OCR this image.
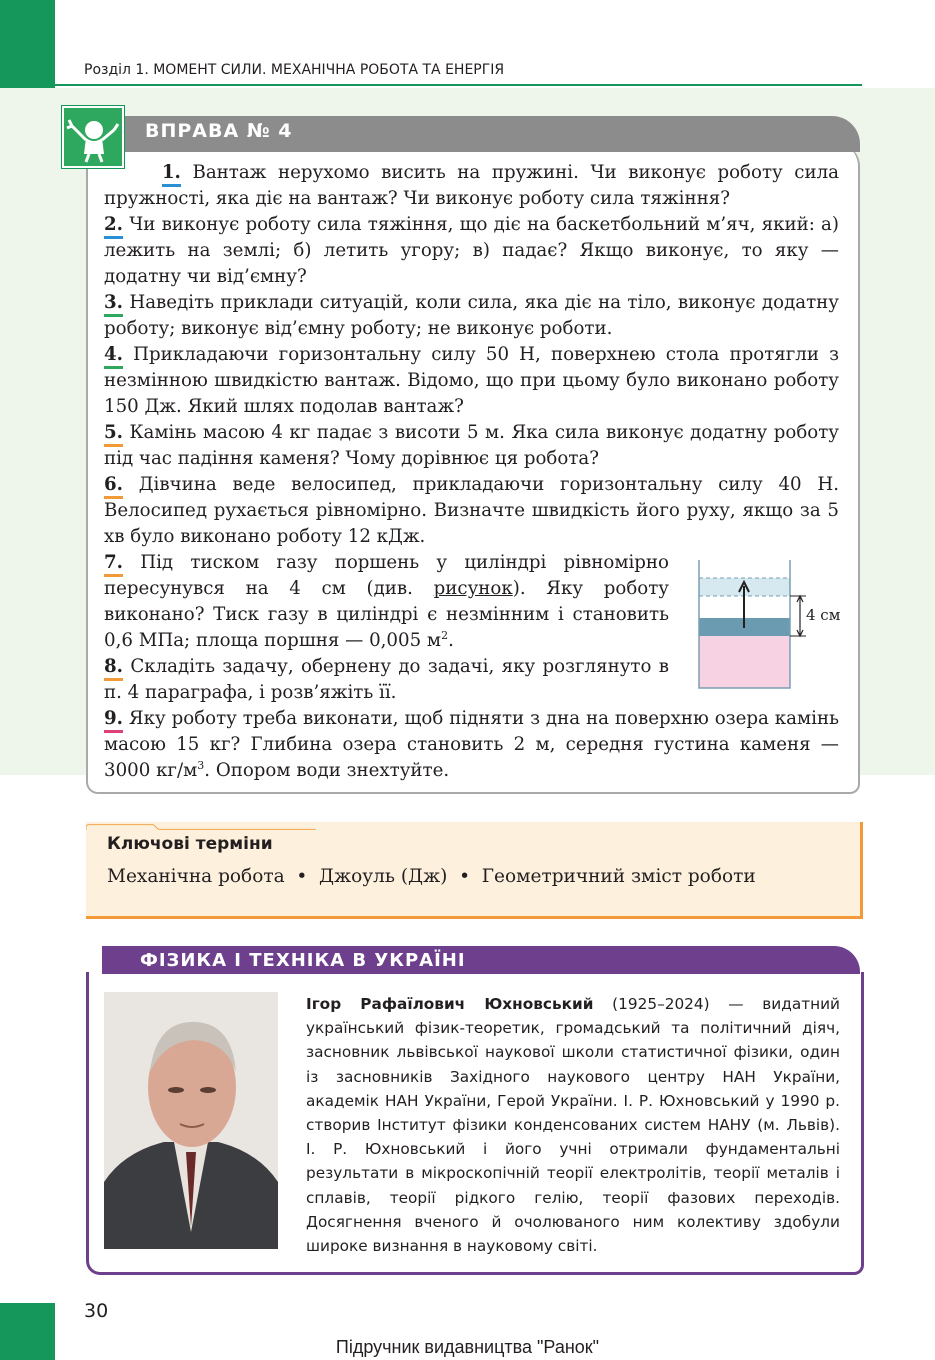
Розділ 1. МОМЕНТ СИЛИ. МЕХАНІЧНА РОБОТА ТА ЕНЕРГІЯ
ВПРАВА № 4

1. Вантаж нерухомо висить на пружині. Чи виконує роботу сила пружності, яка діє на вантаж? Чи виконує роботу сила тяжіння?

2. Чи виконує роботу сила тяжіння, що діє на баскетбольний м’яч, який: а) лежить на землі; б) летить угору; в) падає? Якщо виконує, то яку — додатну чи від’ємну?

3. Наведіть приклади ситуацій, коли сила, яка діє на тіло, виконує додатну роботу; виконує від’ємну роботу; не виконує роботи.

4. Прикладаючи горизонтальну силу 50 Н, поверхнею стола протягли з незмінною швидкістю вантаж. Відомо, що при цьому було виконано роботу 150 Дж. Який шлях подолав вантаж?

5. Камінь масою 4 кг падає з висоти 5 м. Яка сила виконує додатну роботу під час падіння каменя? Чому дорівнює ця робота?

6. Дівчина веде велосипед, прикладаючи горизонтальну силу 40 Н. Велосипед рухається рівномірно. Визначте швидкість його руху, якщо за 5 хв було виконано роботу 12 кДж.

7. Під тиском газу поршень у циліндрі рівномірно пересунувся на 4 см (див. рисунок). Яку роботу виконано? Тиск газу в циліндрі є незмінним і становить 0,6 МПа; площа поршня — 0,005 $м^2$.

8. Складіть задачу, обернену до задачі, яку розглянуто в п. 4 параграфа, і розв’яжіть її.

9. Яку роботу треба виконати, щоб підняти з дна на поверхню озера камінь масою 15 кг? Глибина озера становить 2 м, середня густина каменя — 3000 $кг/м^3$. Опором води знехтуйте.

4 см
Ключові терміни
Механічна робота • Джоуль (Дж) • Геометричний зміст роботи
ФІЗИКА І ТЕХНІКА В УКРАЇНІ
Ігор Рафаїлович Юхновський (1925–2024) — видатний український фізик-теоретик, громадський та політичний діяч, засновник львівської наукової школи статистичної фізики, один із засновників Західного наукового центру НАН України, академік НАН України, Герой України. І. Р. Юхновський у 1990 р. створив Інститут фізики конденсованих систем НАНУ (м. Львів). І. Р. Юхновський і його учні отримали фундаментальні результати в мікроскопічній теорії електролітів, теорії металів і сплавів, теорії рідкого гелію, теорії фазових переходів. Досягнення вченого й очолюваного ним колективу здобули широке визнання в науковому світі.
30
Підручник видавництва "Ранок"
